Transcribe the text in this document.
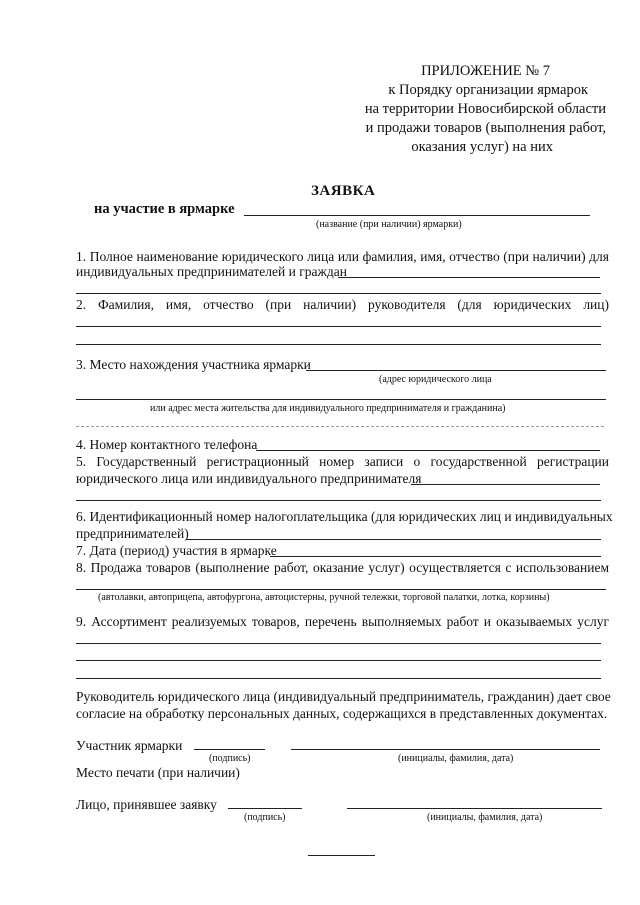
ПРИЛОЖЕНИЕ № 7
к Порядку организации ярмарок
на территории Новосибирской области
и продажи товаров (выполнения работ,
оказания услуг) на них
ЗАЯВКА
на участие в ярмарке
(название (при наличии) ярмарки)
1. Полное наименование юридического лица или фамилия, имя, отчество (при наличии) для
индивидуальных предпринимателей и граждан
2. Фамилия, имя, отчество (при наличии) руководителя (для юридических лиц)
3. Место нахождения участника ярмарки
(адрес юридического лица
или адрес места жительства для индивидуального предпринимателя и гражданина)
4. Номер контактного телефона
5. Государственный регистрационный номер записи о государственной регистрации
юридического лица или индивидуального предпринимателя
6. Идентификационный номер налогоплательщика (для юридических лиц и индивидуальных
предпринимателей)
7. Дата (период) участия в ярмарке
8. Продажа товаров (выполнение работ, оказание услуг) осуществляется с использованием
(автолавки, автоприцепа, автофургона, автоцистерны, ручной тележки, торговой палатки, лотка, корзины)
9. Ассортимент реализуемых товаров, перечень выполняемых работ и оказываемых услуг
Руководитель юридического лица (индивидуальный предприниматель, гражданин) дает свое
согласие на обработку персональных данных, содержащихся в представленных документах.
Участник ярмарки
(подпись)	(инициалы, фамилия, дата)
Место печати (при наличии)
Лицо, принявшее заявку
(подпись)	(инициалы, фамилия, дата)
